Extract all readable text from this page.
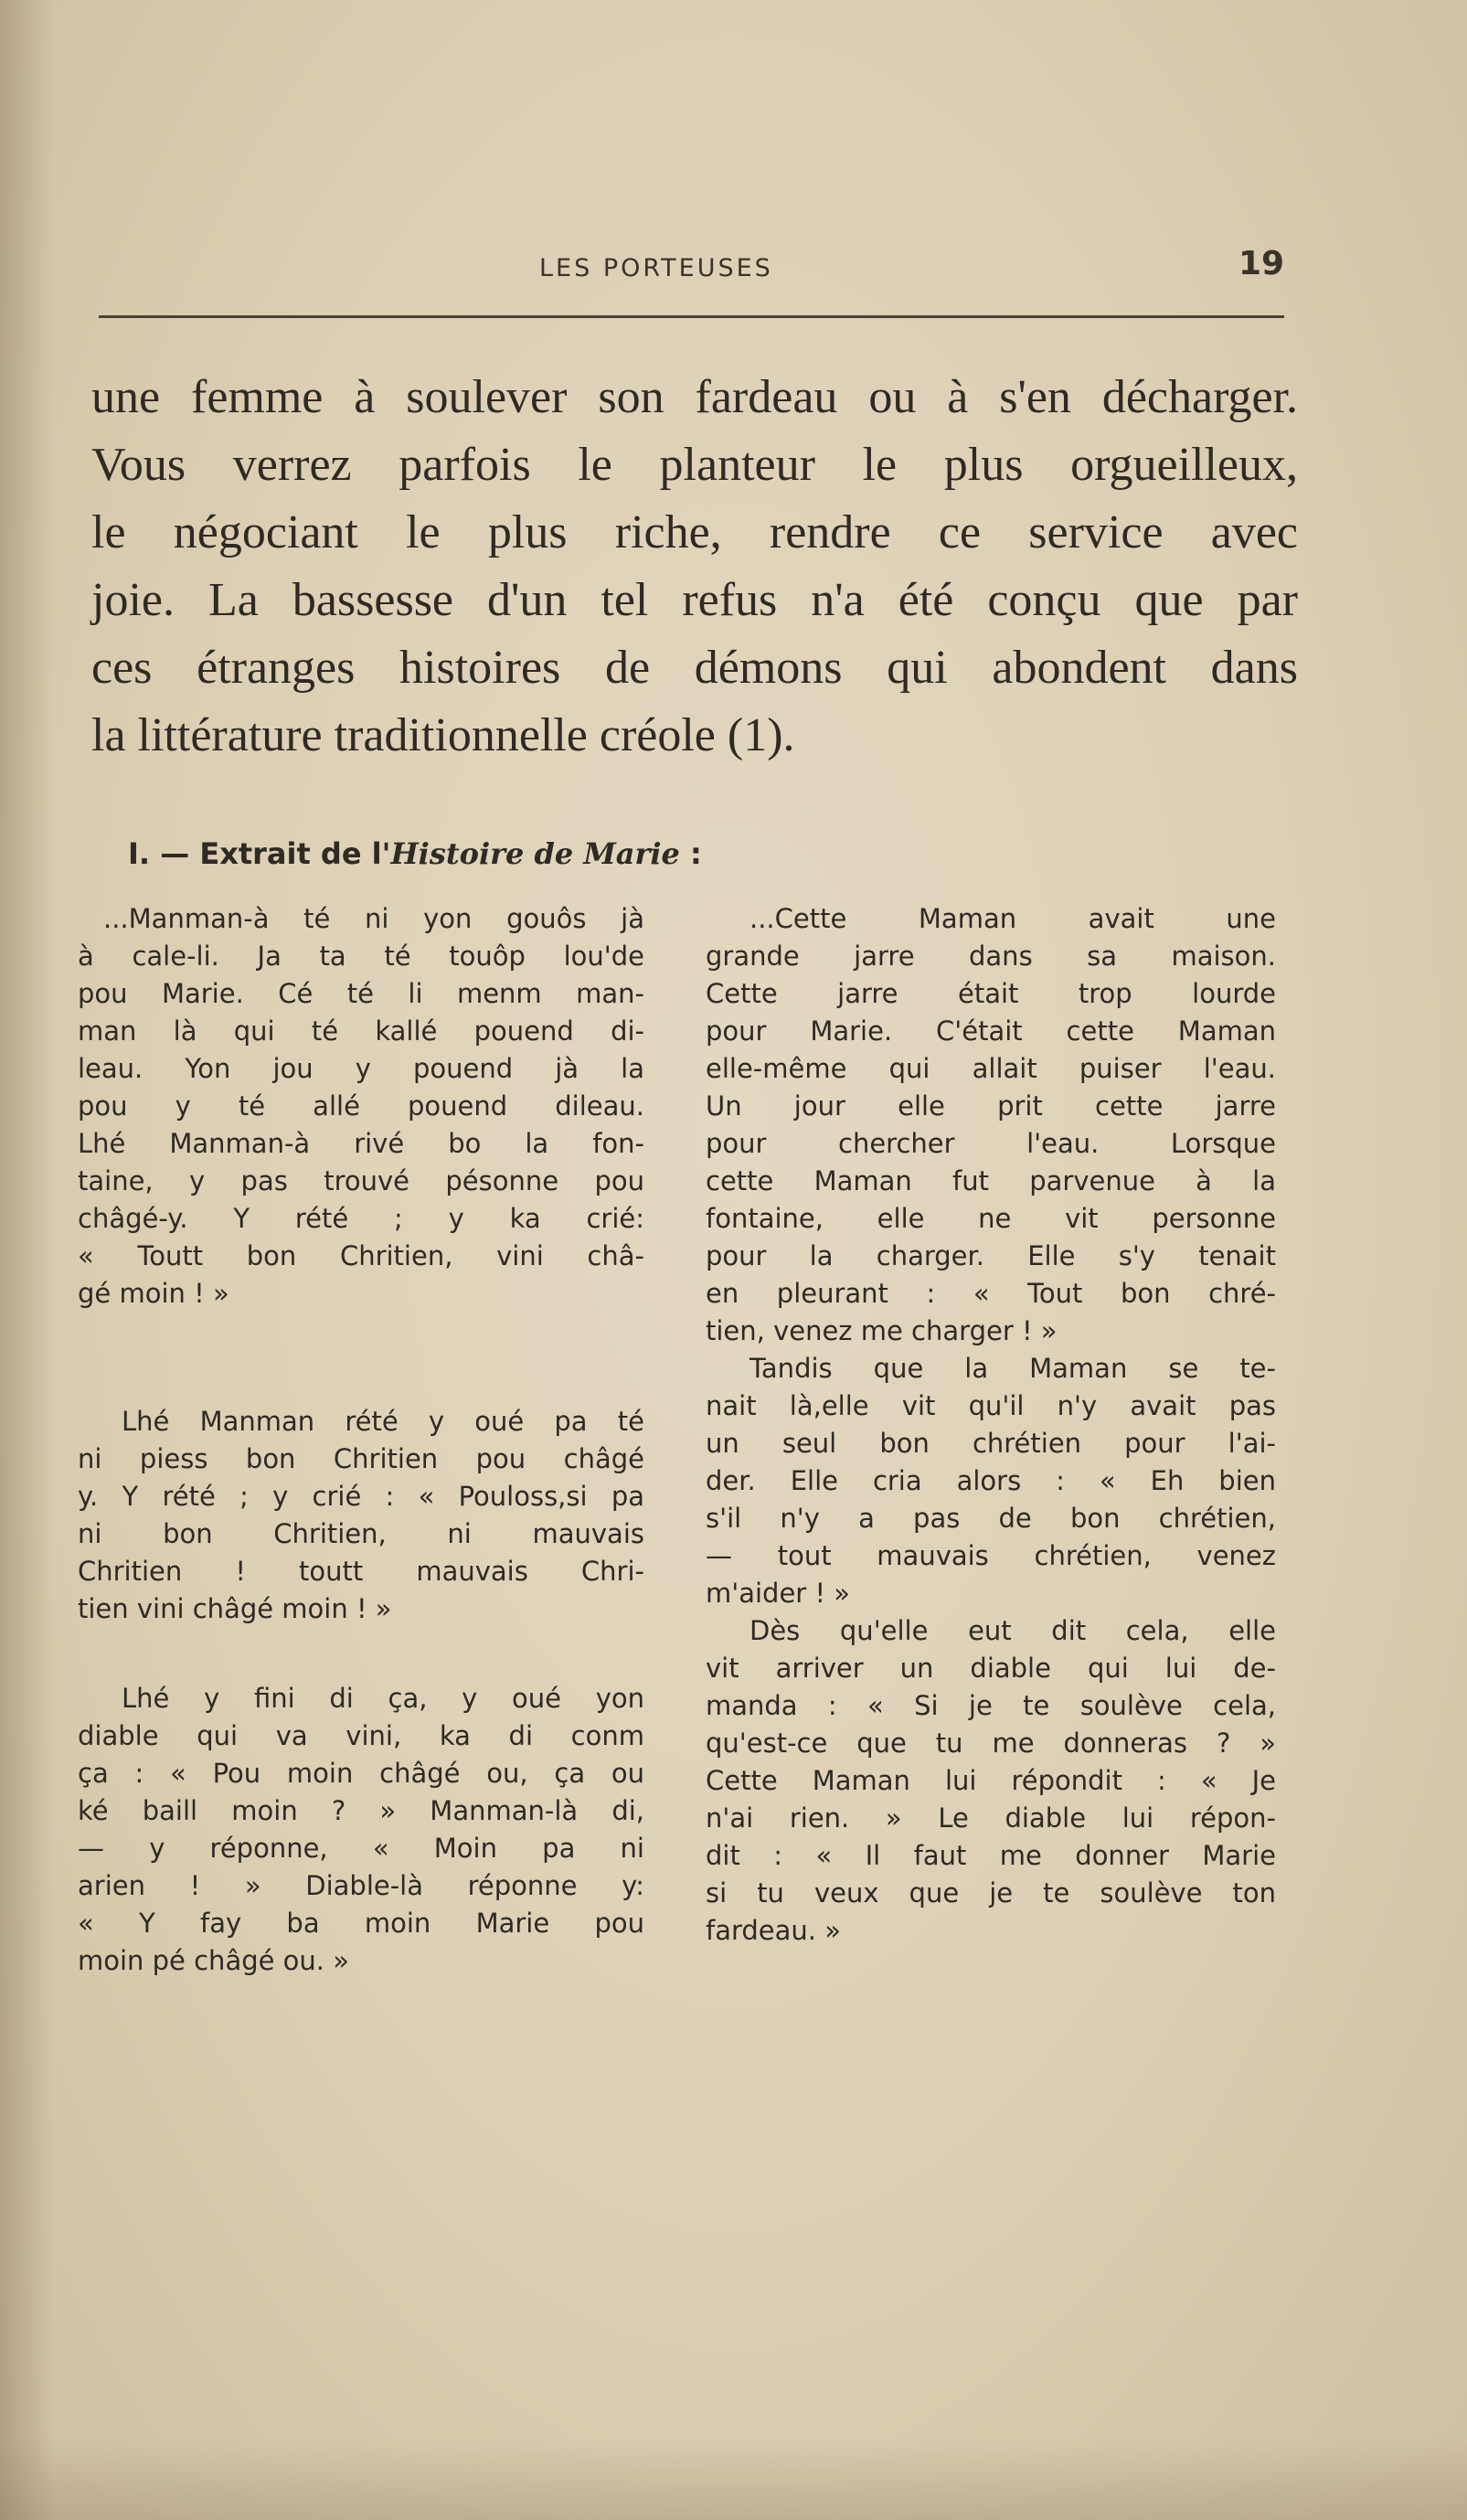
LES PORTEUSES	19

une femme à soulever son fardeau ou à s'en décharger.
Vous verrez parfois le planteur le plus orgueilleux,
le négociant le plus riche, rendre ce service avec
joie. La bassesse d'un tel refus n'a été conçu que par
ces étranges histoires de démons qui abondent dans
la littérature traditionnelle créole (1).

I. — Extrait de l'Histoire de Marie :
...Manman-à té ni yon gouôs jà
à cale-li. Ja ta té touôp lou'de
pou Marie. Cé té li menm man-
man là qui té kallé pouend di-
leau. Yon jou y pouend jà la
pou y té allé pouend dileau.
Lhé Manman-à rivé bo la fon-
taine, y pas trouvé pésonne pou
châgé-y. Y rété ; y ka crié:
« Toutt bon Chritien, vini châ-
gé moin ! »
Lhé Manman rété y oué pa té
ni piess bon Chritien pou châgé
y. Y rété ; y crié : « Pouloss,si pa
ni bon Chritien, ni mauvais
Chritien ! toutt mauvais Chri-
tien vini châgé moin ! »
Lhé y fini di ça, y oué yon
diable qui va vini, ka di conm
ça : « Pou moin châgé ou, ça ou
ké baill moin ? » Manman-là di,
— y réponne, « Moin pa ni
arien ! » Diable-là réponne y:
« Y fay ba moin Marie pou
moin pé châgé ou. »
...Cette Maman avait une
grande jarre dans sa maison.
Cette jarre était trop lourde
pour Marie. C'était cette Maman
elle-même qui allait puiser l'eau.
Un jour elle prit cette jarre
pour chercher l'eau. Lorsque
cette Maman fut parvenue à la
fontaine, elle ne vit personne
pour la charger. Elle s'y tenait
en pleurant : « Tout bon chré-
tien, venez me charger ! »
Tandis que la Maman se te-
nait là,elle vit qu'il n'y avait pas
un seul bon chrétien pour l'ai-
der. Elle cria alors : « Eh bien
s'il n'y a pas de bon chrétien,
— tout mauvais chrétien, venez
m'aider ! »
Dès qu'elle eut dit cela, elle
vit arriver un diable qui lui de-
manda : « Si je te soulève cela,
qu'est-ce que tu me donneras ? »
Cette Maman lui répondit : « Je
n'ai rien. » Le diable lui répon-
dit : « Il faut me donner Marie
si tu veux que je te soulève ton
fardeau. »
